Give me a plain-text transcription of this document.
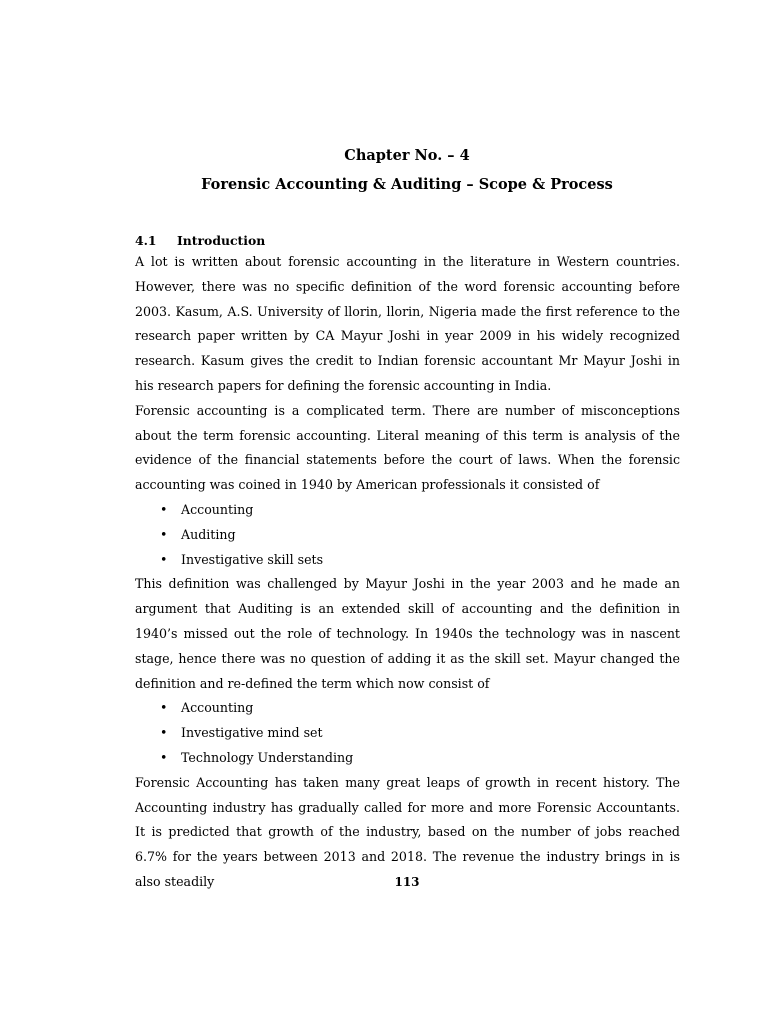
Chapter No. – 4
Forensic Accounting & Auditing – Scope & Process
4.1 Introduction

A lot is written about forensic accounting in the literature in Western countries. However, there was no specific definition of the word forensic accounting before 2003. Kasum, A.S. University of llorin, llorin, Nigeria made the first reference to the research paper written by CA Mayur Joshi in year 2009 in his widely recognized research. Kasum gives the credit to Indian forensic accountant Mr Mayur Joshi in his research papers for defining the forensic accounting in India.

Forensic accounting is a complicated term. There are number of misconceptions about the term forensic accounting. Literal meaning of this term is analysis of the evidence of the financial statements before the court of laws. When the forensic accounting was coined in 1940 by American professionals it consisted of

• Accounting
• Auditing
• Investigative skill sets

This definition was challenged by Mayur Joshi in the year 2003 and he made an argument that Auditing is an extended skill of accounting and the definition in 1940’s missed out the role of technology. In 1940s the technology was in nascent stage, hence there was no question of adding it as the skill set. Mayur changed the definition and re-defined the term which now consist of

• Accounting
• Investigative mind set
• Technology Understanding

Forensic Accounting has taken many great leaps of growth in recent history. The Accounting industry has gradually called for more and more Forensic Accountants. It is predicted that growth of the industry, based on the number of jobs reached 6.7% for the years between 2013 and 2018. The revenue the industry brings in is also steadily	113
